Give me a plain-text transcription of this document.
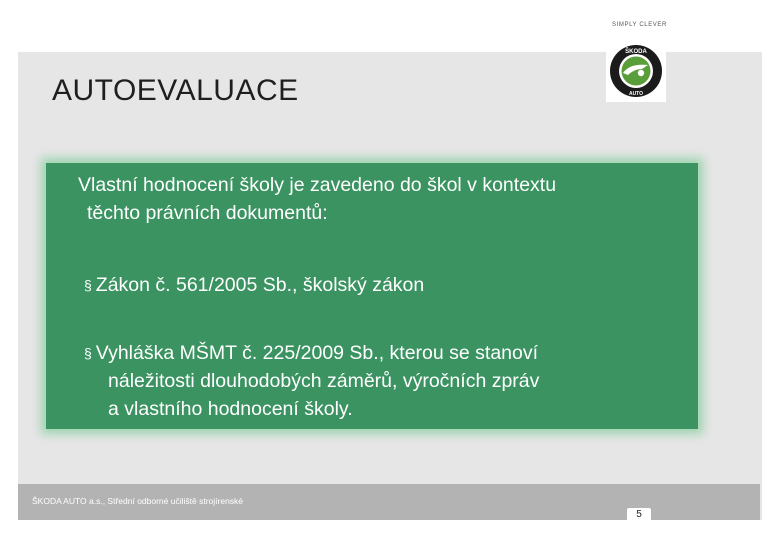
SIMPLY CLEVER
ŠKODA
AUTO
AUTOEVALUACE
Vlastní hodnocení školy je zavedeno do škol v kontextu
těchto právních dokumentů:
§ Zákon č. 561/2005 Sb., školský zákon
§ Vyhláška MŠMT č. 225/2009 Sb., kterou se stanoví
náležitosti dlouhodobých záměrů, výročních zpráv
a vlastního hodnocení školy.
ŠKODA AUTO a.s., Střední odborné učiliště strojírenské
5
